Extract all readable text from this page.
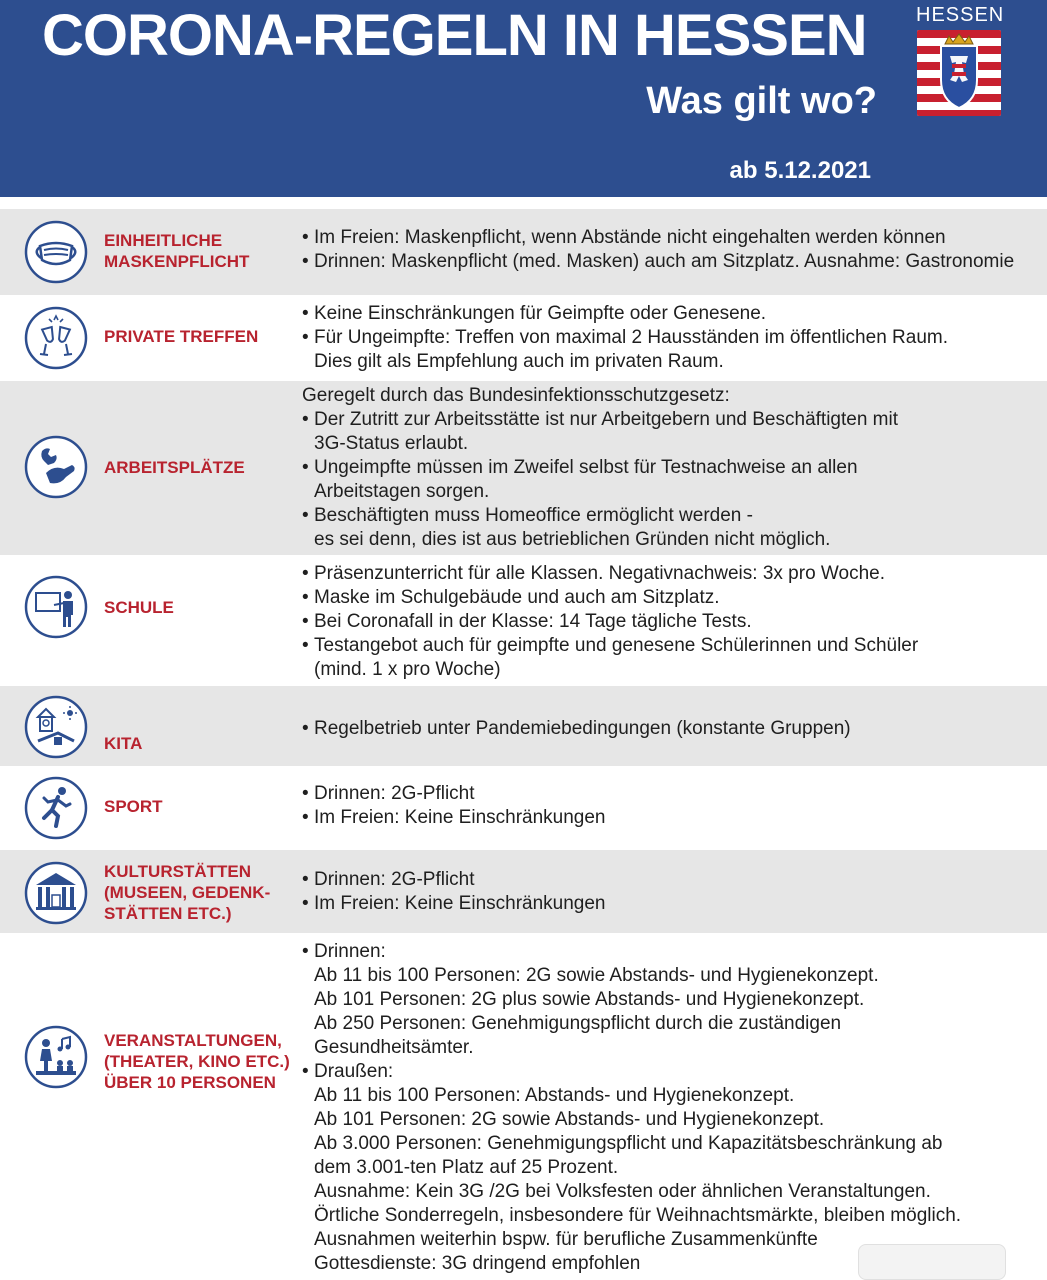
CORONA-REGELN IN HESSEN
Was gilt wo?
ab 5.12.2021
HESSEN
EINHEITLICHE
MASKENPFLICHT

• Im Freien: Maskenpflicht, wenn Abstände nicht eingehalten werden können

• Drinnen: Maskenpflicht (med. Masken) auch am Sitzplatz. Ausnahme: Gastronomie

PRIVATE TREFFEN

• Keine Einschränkungen für Geimpfte oder Genesene.

• Für Ungeimpfte: Treffen von maximal 2 Hausständen im öffentlichen Raum.

Dies gilt als Empfehlung auch im privaten Raum.

ARBEITSPLÄTZE

Geregelt durch das Bundesinfektionsschutzgesetz:

• Der Zutritt zur Arbeitsstätte ist nur Arbeitgebern und Beschäftigten mit

3G-Status erlaubt.

• Ungeimpfte müssen im Zweifel selbst für Testnachweise an allen

Arbeitstagen sorgen.

• Beschäftigten muss Homeoffice ermöglicht werden -

es sei denn, dies ist aus betrieblichen Gründen nicht möglich.

SCHULE

• Präsenzunterricht für alle Klassen. Negativnachweis: 3x pro Woche.

• Maske im Schulgebäude und auch am Sitzplatz.

• Bei Coronafall in der Klasse: 14 Tage tägliche Tests.

• Testangebot auch für geimpfte und genesene Schülerinnen und Schüler

(mind. 1 x pro Woche)

KITA

• Regelbetrieb unter Pandemiebedingungen (konstante Gruppen)

SPORT

• Drinnen: 2G-Pflicht

• Im Freien: Keine Einschränkungen

KULTURSTÄTTEN
(MUSEEN, GEDENK-
STÄTTEN ETC.)

• Drinnen: 2G-Pflicht

• Im Freien: Keine Einschränkungen

VERANSTALTUNGEN,
(THEATER, KINO ETC.)
ÜBER 10 PERSONEN

• Drinnen:

Ab 11 bis 100 Personen: 2G sowie Abstands- und Hygienekonzept.

Ab 101 Personen: 2G plus sowie Abstands- und Hygienekonzept.

Ab 250 Personen: Genehmigungspflicht durch die zuständigen

Gesundheitsämter.

• Draußen:

Ab 11 bis 100 Personen: Abstands- und Hygienekonzept.

Ab 101 Personen: 2G sowie Abstands- und Hygienekonzept.

Ab 3.000 Personen: Genehmigungspflicht und Kapazitätsbeschränkung ab

dem 3.001-ten Platz auf 25 Prozent.

Ausnahme: Kein 3G /2G bei Volksfesten oder ähnlichen Veranstaltungen.

Örtliche Sonderregeln, insbesondere für Weihnachtsmärkte, bleiben möglich.

Ausnahmen weiterhin bspw. für berufliche Zusammenkünfte

Gottesdienste: 3G dringend empfohlen
